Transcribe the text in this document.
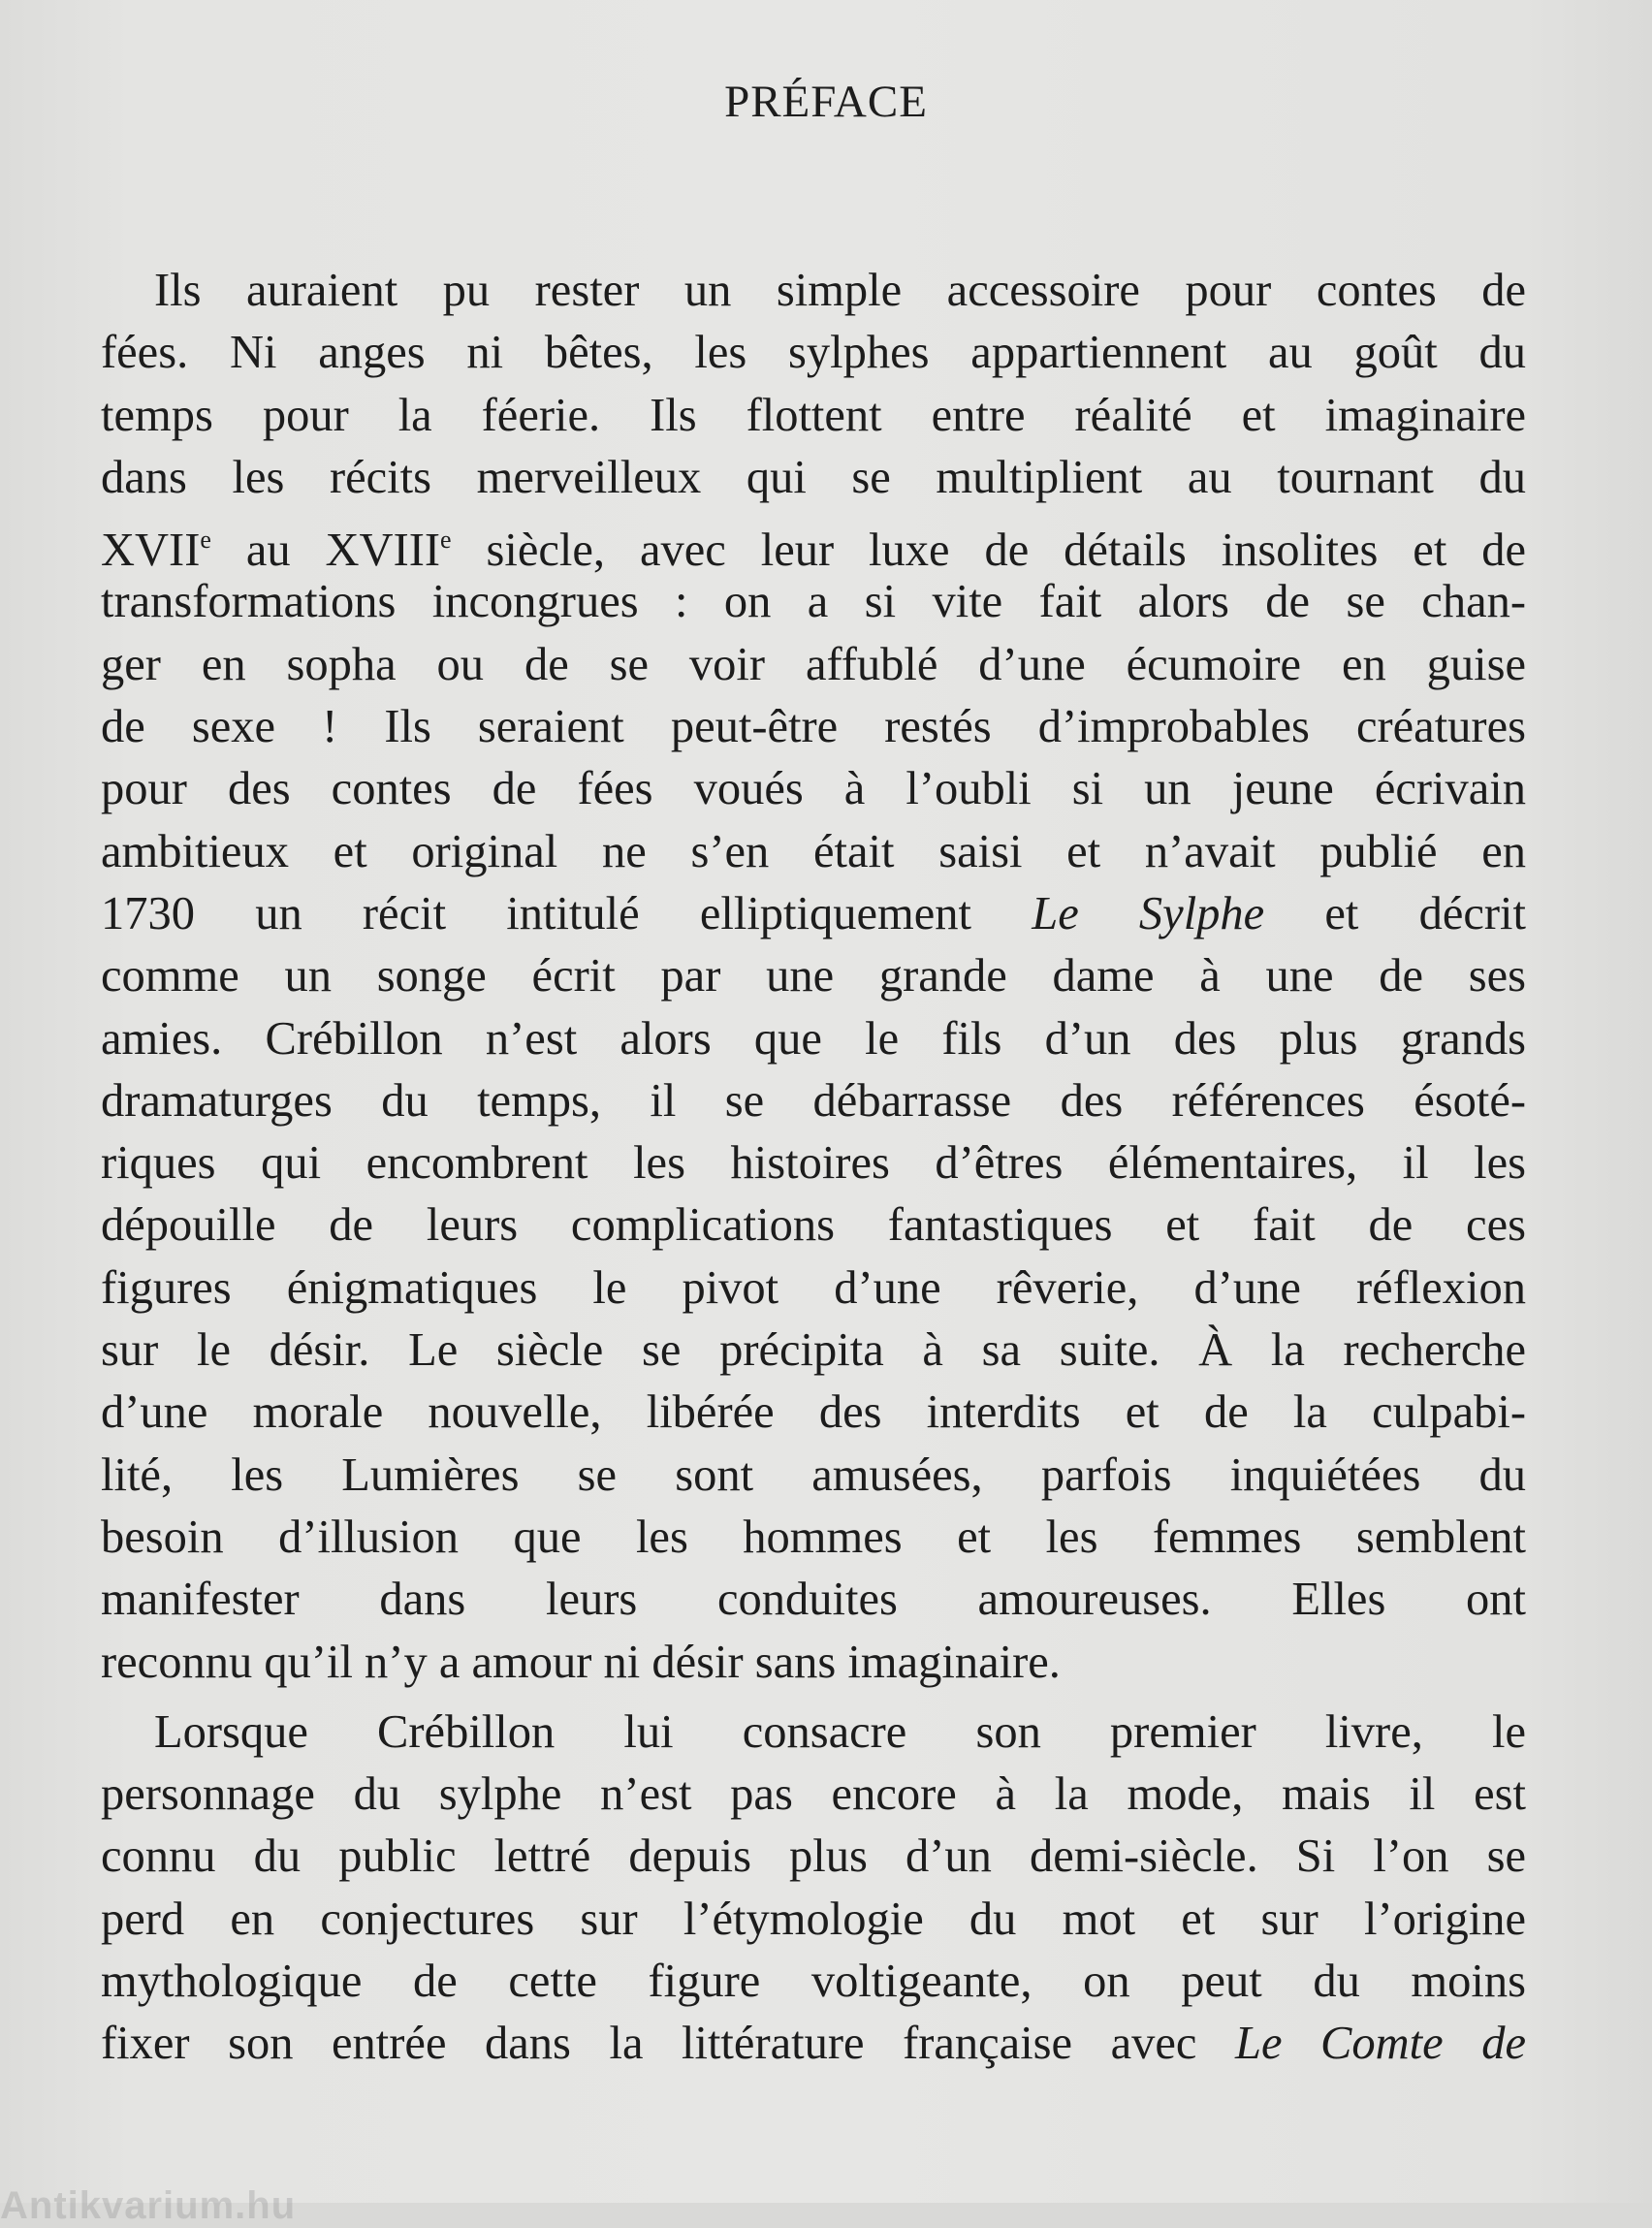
PRÉFACE
Ils auraient pu rester un simple accessoire pour contes de
fées. Ni anges ni bêtes, les sylphes appartiennent au goût du
temps pour la féerie. Ils flottent entre réalité et imaginaire
dans les récits merveilleux qui se multiplient au tournant du
XVIIe au XVIIIe siècle, avec leur luxe de détails insolites et de
transformations incongrues : on a si vite fait alors de se chan-
ger en sopha ou de se voir affublé d’une écumoire en guise
de sexe ! Ils seraient peut-être restés d’improbables créatures
pour des contes de fées voués à l’oubli si un jeune écrivain
ambitieux et original ne s’en était saisi et n’avait publié en
1730 un récit intitulé elliptiquement Le Sylphe et décrit
comme un songe écrit par une grande dame à une de ses
amies. Crébillon n’est alors que le fils d’un des plus grands
dramaturges du temps, il se débarrasse des références ésoté-
riques qui encombrent les histoires d’êtres élémentaires, il les
dépouille de leurs complications fantastiques et fait de ces
figures énigmatiques le pivot d’une rêverie, d’une réflexion
sur le désir. Le siècle se précipita à sa suite. À la recherche
d’une morale nouvelle, libérée des interdits et de la culpabi-
lité, les Lumières se sont amusées, parfois inquiétées du
besoin d’illusion que les hommes et les femmes semblent
manifester dans leurs conduites amoureuses. Elles ont
reconnu qu’il n’y a amour ni désir sans imaginaire.
Lorsque Crébillon lui consacre son premier livre, le
personnage du sylphe n’est pas encore à la mode, mais il est
connu du public lettré depuis plus d’un demi-siècle. Si l’on se
perd en conjectures sur l’étymologie du mot et sur l’origine
mythologique de cette figure voltigeante, on peut du moins
fixer son entrée dans la littérature française avec Le Comte de
Antikvarium.hu
